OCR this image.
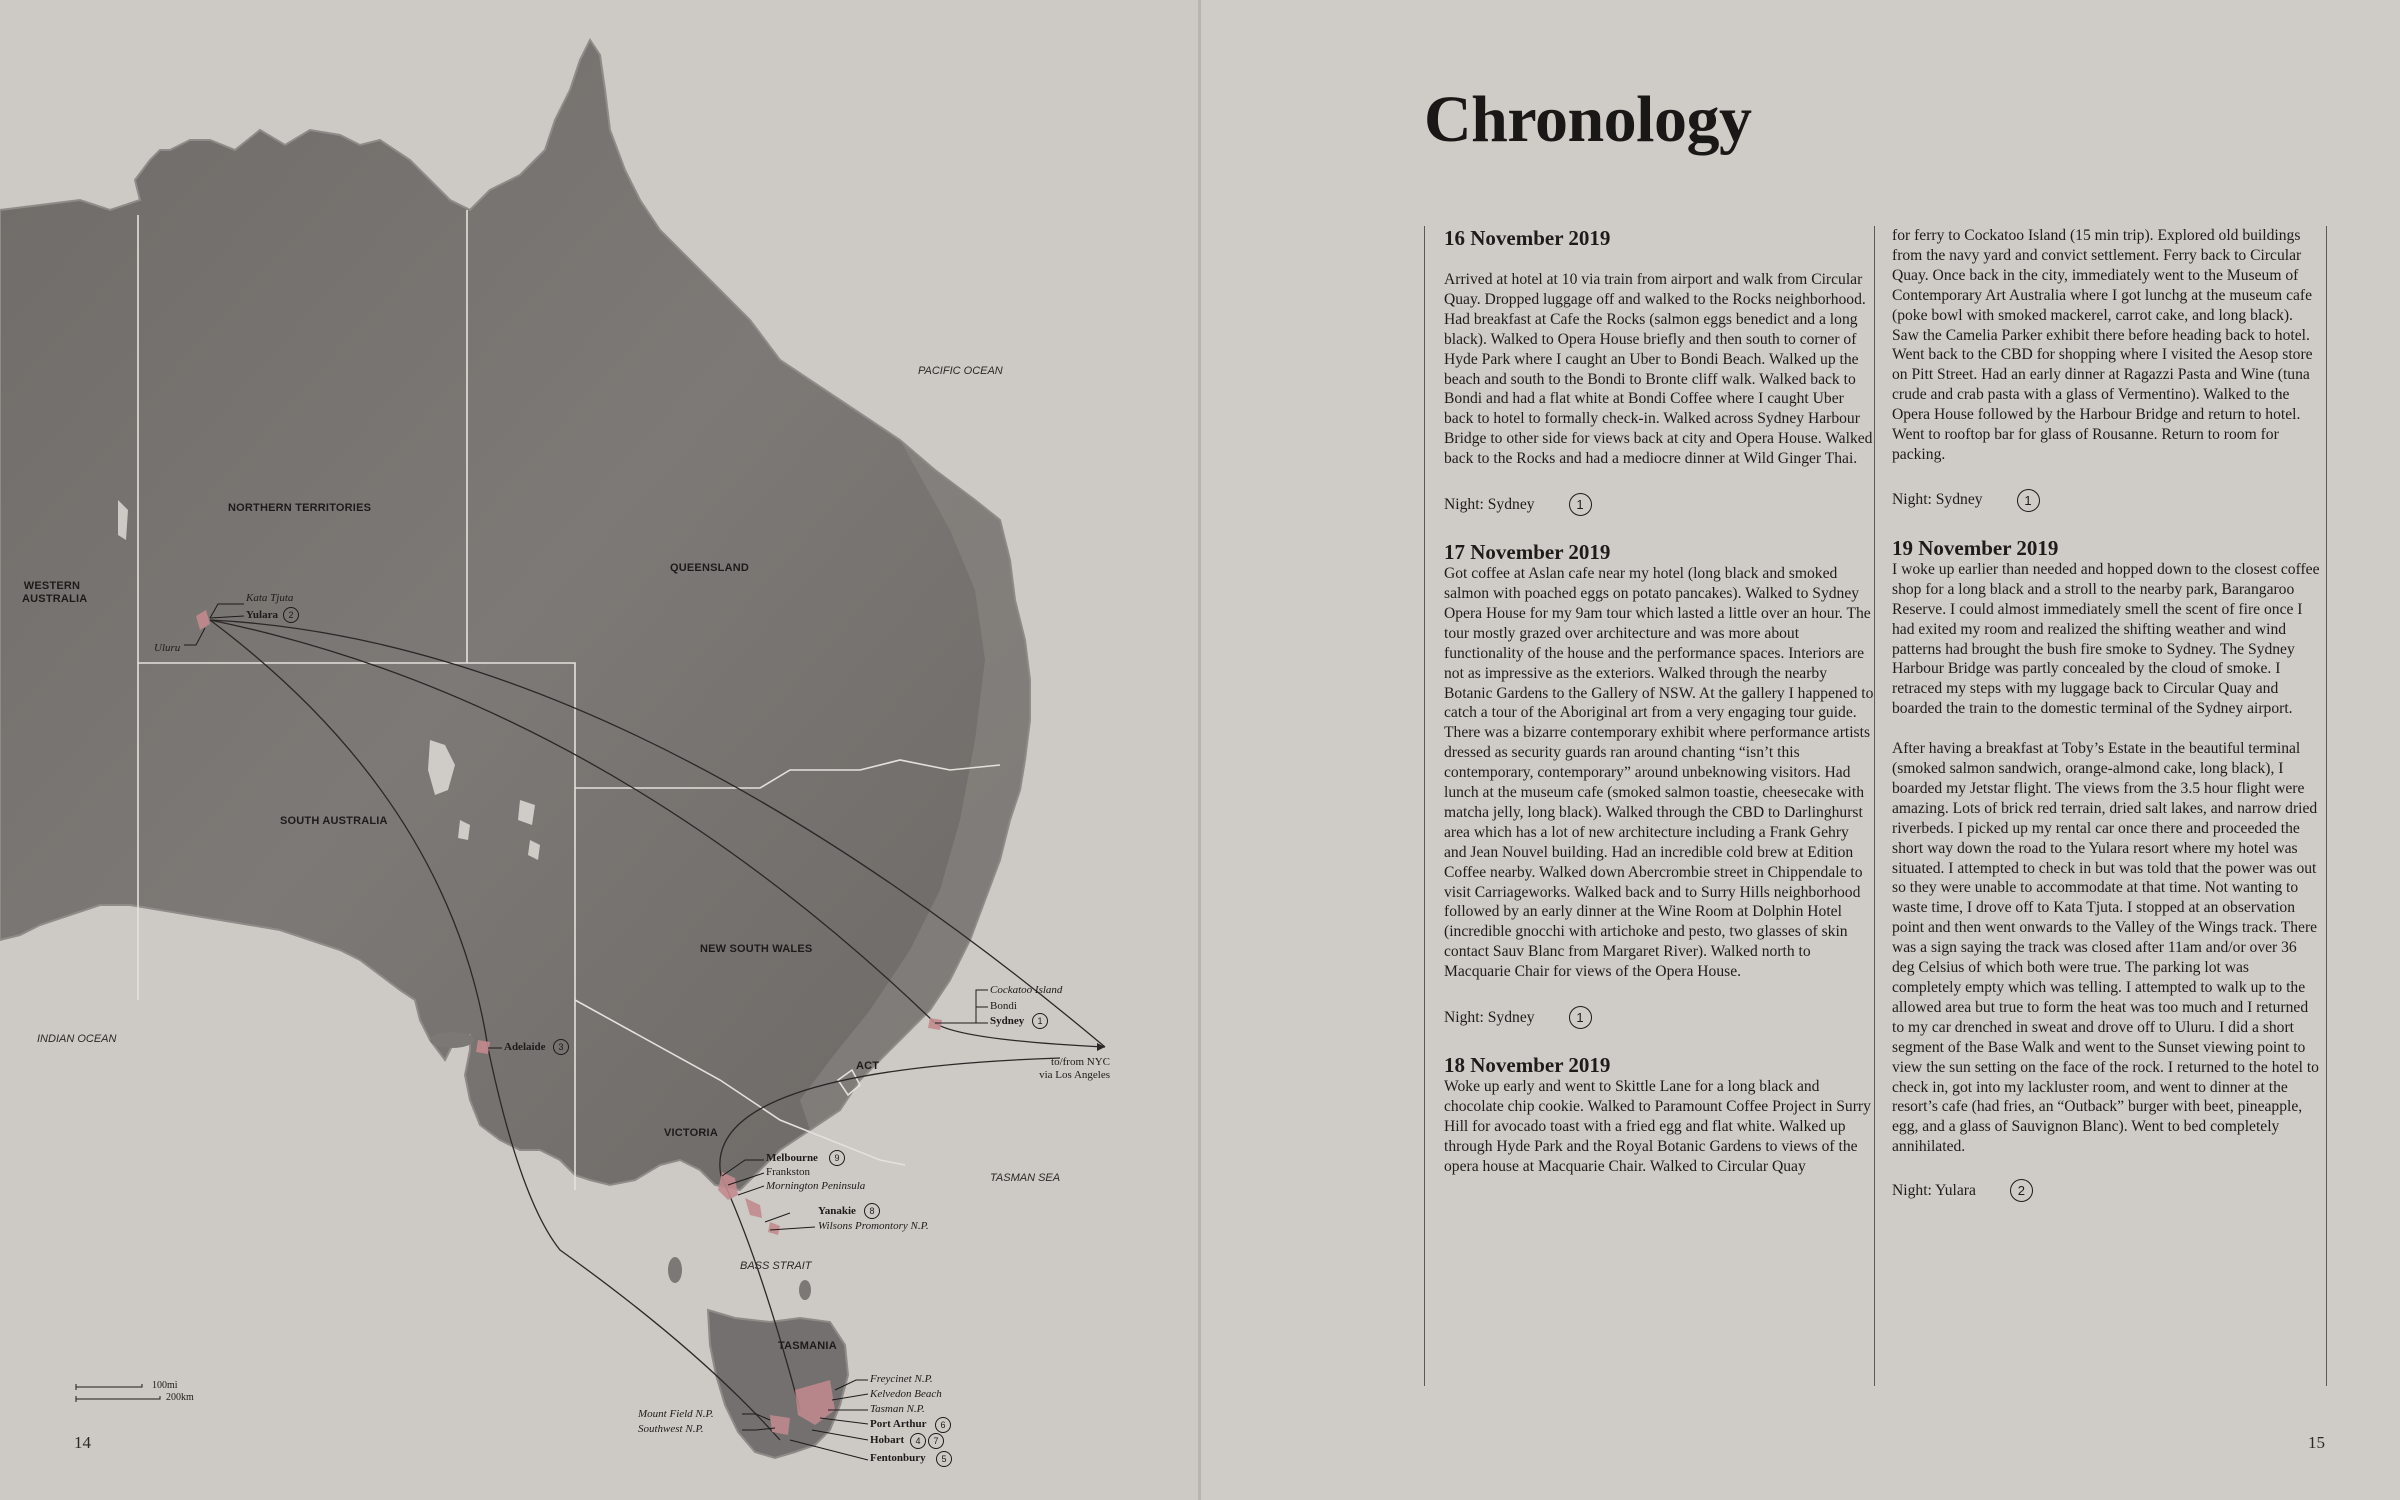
WESTERN
AUSTRALIA
NORTHERN TERRITORIES
QUEENSLAND
SOUTH AUSTRALIA
NEW SOUTH WALES
VICTORIA
ACT
TASMANIA
PACIFIC OCEAN
INDIAN OCEAN
TASMAN SEA
BASS STRAIT
Kata Tjuta
Yulara	2
Uluru
Cockatoo Island
Bondi
Sydney	1
to/from NYC
via Los Angeles
Adelaide	3
Melbourne	9
Frankston
Mornington Peninsula
Yanakie	8
Wilsons Promontory N.P.
Freycinet N.P.
Kelvedon Beach
Tasman N.P.
Port Arthur	6
Hobart	4	7
Fentonbury	5
Mount Field N.P.
Southwest N.P.
100mi
200km
14
Chronology
16 November 2019

Arrived at hotel at 10 via train from airport and walk from Circular Quay. Dropped luggage off and walked to the Rocks neighborhood. Had breakfast at Cafe the Rocks (salmon eggs benedict and a long black). Walked to Opera House briefly and then south to corner of Hyde Park where I caught an Uber to Bondi Beach. Walked up the beach and south to the Bondi to Bronte cliff walk. Walked back to Bondi and had a flat white at Bondi Coffee where I caught Uber back to hotel to formally check-in. Walked across Sydney Harbour Bridge to other side for views back at city and Opera House. Walked back to the Rocks and had a mediocre dinner at Wild Ginger Thai.

Night: Sydney	1

17 November 2019

Got coffee at Aslan cafe near my hotel (long black and smoked salmon with poached eggs on potato pancakes). Walked to Sydney Opera House for my 9am tour which lasted a little over an hour. The tour mostly grazed over architecture and was more about functionality of the house and the performance spaces. Interiors are not as impressive as the exteriors. Walked through the nearby Botanic Gardens to the Gallery of NSW. At the gallery I happened to catch a tour of the Aboriginal art from a very engaging tour guide. There was a bizarre contemporary exhibit where performance artists dressed as security guards ran around chanting “isn’t this contemporary, contemporary” around unbeknowing visitors. Had lunch at the museum cafe (smoked salmon toastie, cheesecake with matcha jelly, long black). Walked through the CBD to Darlinghurst area which has a lot of new architecture including a Frank Gehry and Jean Nouvel building. Had an incredible cold brew at Edition Coffee nearby. Walked down Abercrombie street in Chippendale to visit Carriageworks. Walked back and to Surry Hills neighborhood followed by an early dinner at the Wine Room at Dolphin Hotel (incredible gnocchi with artichoke and pesto, two glasses of skin contact Sauv Blanc from Margaret River). Walked north to Macquarie Chair for views of the Opera House.

Night: Sydney	1

18 November 2019

Woke up early and went to Skittle Lane for a long black and chocolate chip cookie. Walked to Paramount Coffee Project in Surry Hill for avocado toast with a fried egg and flat white. Walked up through Hyde Park and the Royal Botanic Gardens to views of the opera house at Macquarie Chair. Walked to Circular Quay

for ferry to Cockatoo Island (15 min trip). Explored old buildings from the navy yard and convict settlement. Ferry back to Circular Quay. Once back in the city, immediately went to the Museum of Contemporary Art Australia where I got lunchg at the museum cafe (poke bowl with smoked mackerel, carrot cake, and long black). Saw the Camelia Parker exhibit there before heading back to hotel. Went back to the CBD for shopping where I visited the Aesop store on Pitt Street. Had an early dinner at Ragazzi Pasta and Wine (tuna crude and crab pasta with a glass of Vermentino). Walked to the Opera House followed by the Harbour Bridge and return to hotel. Went to rooftop bar for glass of Rousanne. Return to room for packing.

Night: Sydney	1

19 November 2019

I woke up earlier than needed and hopped down to the closest coffee shop for a long black and a stroll to the nearby park, Barangaroo Reserve. I could almost immediately smell the scent of fire once I had exited my room and realized the shifting weather and wind patterns had brought the bush fire smoke to Sydney. The Sydney Harbour Bridge was partly concealed by the cloud of smoke. I retraced my steps with my luggage back to Circular Quay and boarded the train to the domestic terminal of the Sydney airport.

After having a breakfast at Toby’s Estate in the beautiful terminal (smoked salmon sandwich, orange-almond cake, long black), I boarded my Jetstar flight. The views from the 3.5 hour flight were amazing. Lots of brick red terrain, dried salt lakes, and narrow dried riverbeds. I picked up my rental car once there and proceeded the short way down the road to the Yulara resort where my hotel was situated. I attempted to check in but was told that the power was out so they were unable to accommodate at that time. Not wanting to waste time, I drove off to Kata Tjuta. I stopped at an observation point and then went onwards to the Valley of the Wings track. There was a sign saying the track was closed after 11am and/or over 36 deg Celsius of which both were true. The parking lot was completely empty which was telling. I attempted to walk up to the allowed area but true to form the heat was too much and I returned to my car drenched in sweat and drove off to Uluru. I did a short segment of the Base Walk and went to the Sunset viewing point to view the sun setting on the face of the rock. I returned to the hotel to check in, got into my lackluster room, and went to dinner at the resort’s cafe (had fries, an “Outback” burger with beet, pineapple, egg, and a glass of Sauvignon Blanc). Went to bed completely annihilated.

Night: Yulara	2

15
